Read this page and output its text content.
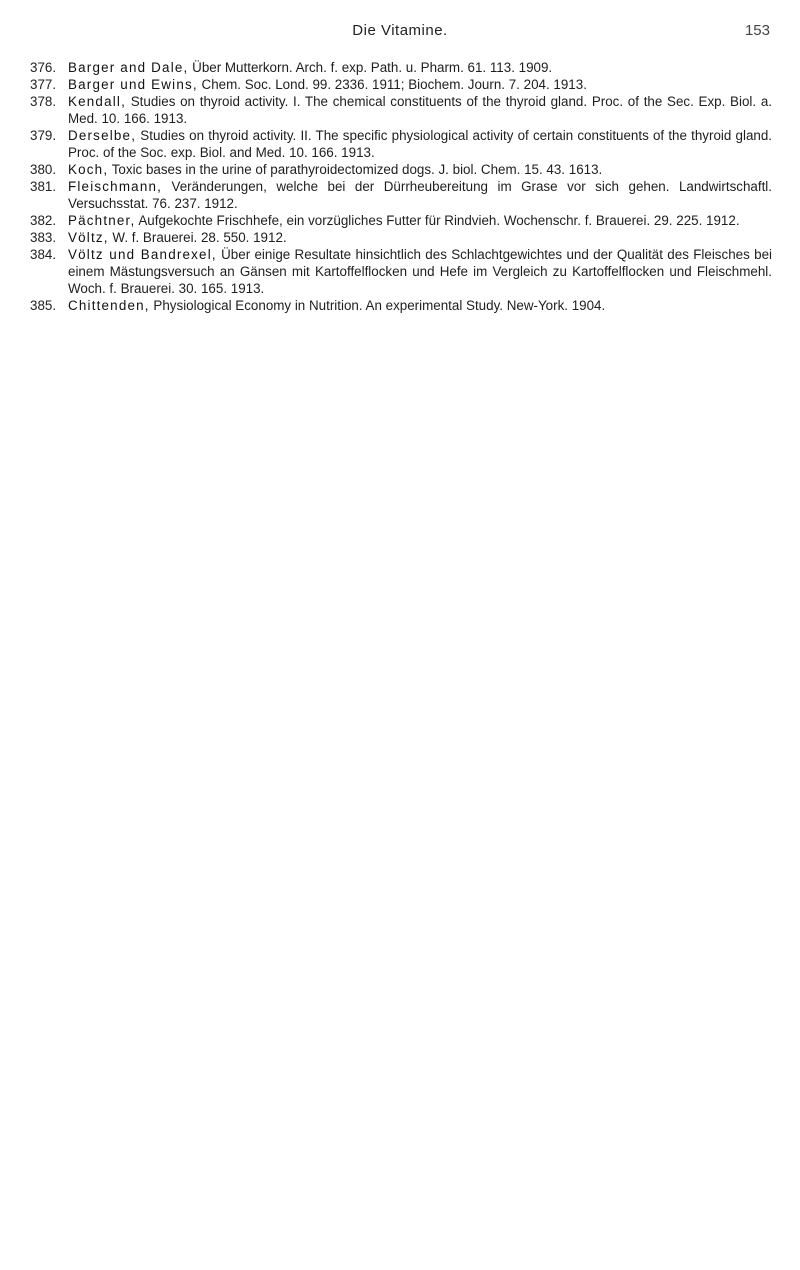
Die Vitamine.	153
376. Barger and Dale, Über Mutterkorn. Arch. f. exp. Path. u. Pharm. 61. 113. 1909.
377. Barger und Ewins, Chem. Soc. Lond. 99. 2336. 1911; Biochem. Journ. 7. 204. 1913.
378. Kendall, Studies on thyroid activity. I. The chemical constituents of the thyroid gland. Proc. of the Sec. Exp. Biol. a. Med. 10. 166. 1913.
379. Derselbe, Studies on thyroid activity. II. The specific physiological activity of certain constituents of the thyroid gland. Proc. of the Soc. exp. Biol. and Med. 10. 166. 1913.
380. Koch, Toxic bases in the urine of parathyroidectomized dogs. J. biol. Chem. 15. 43. 1613.
381. Fleischmann, Veränderungen, welche bei der Dürrheubereitung im Grase vor sich gehen. Landwirtschaftl. Versuchsstat. 76. 237. 1912.
382. Pächtner, Aufgekochte Frischhefe, ein vorzügliches Futter für Rindvieh. Wochenschr. f. Brauerei. 29. 225. 1912.
383. Völtz, W. f. Brauerei. 28. 550. 1912.
384. Völtz und Bandrexel, Über einige Resultate hinsichtlich des Schlachtgewichtes und der Qualität des Fleisches bei einem Mästungsversuch an Gänsen mit Kartoffelflocken und Hefe im Vergleich zu Kartoffelflocken und Fleischmehl. Woch. f. Brauerei. 30. 165. 1913.
385. Chittenden, Physiological Economy in Nutrition. An experimental Study. New-York. 1904.
